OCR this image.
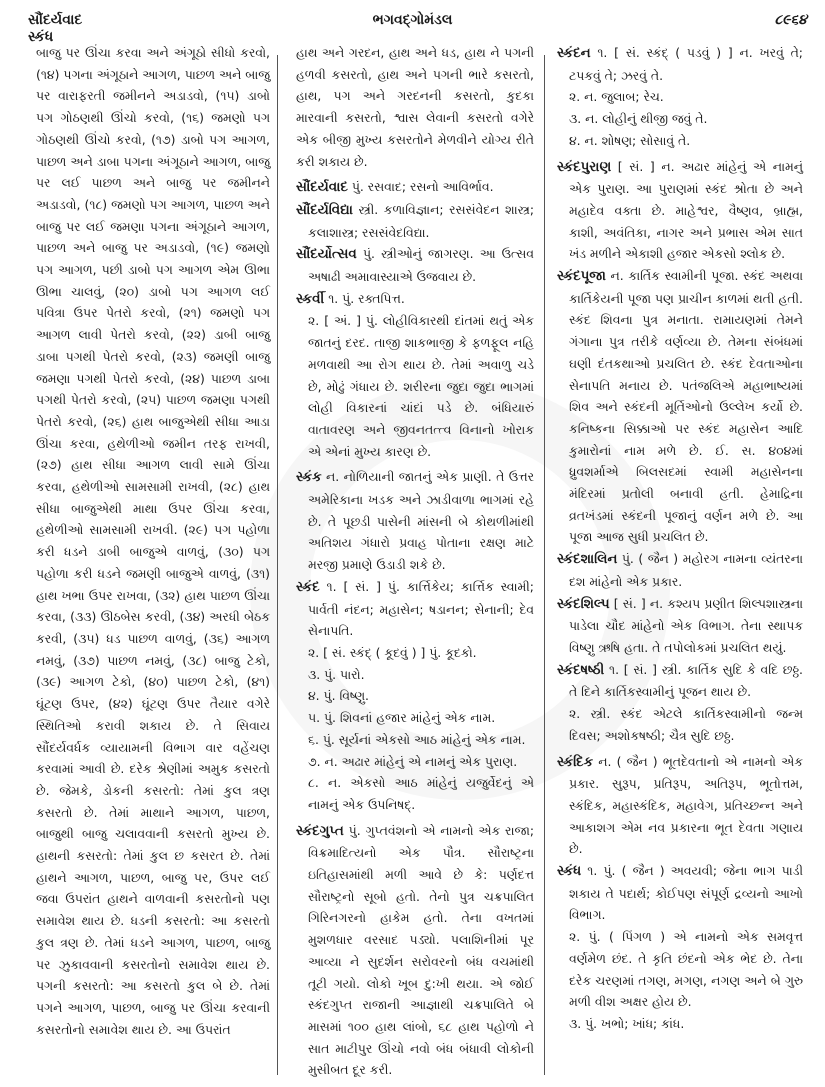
સૌંદર્યવાદ
સ્કંધ
ભગવદ્ગોમંડલ	૮૯૬૪

બાજુ પર ઊંચા કરવા અને અંગૂઠો સીધો કરવો, (૧૪) પગના અંગૂઠાને આગળ, પાછળ અને બાજુ પર વારાફરતી જમીનને અડાડવો, (૧૫) ડાબો પગ ગોઠણથી ઊંચો કરવો, (૧૬) જમણો પગ ગોઠણથી ઊંચો કરવો, (૧૭) ડાબો પગ આગળ, પાછળ અને ડાબા પગના અંગૂઠાને આગળ, બાજુ પર લઈ પાછળ અને બાજુ પર જમીનને અડાડવો, (૧૮) જમણો પગ આગળ, પાછળ અને બાજુ પર લઈ જમણા પગના અંગૂઠાને આગળ, પાછળ અને બાજુ પર અડાડવો, (૧૯) જમણો પગ આગળ, પછી ડાબો પગ આગળ એમ ઊભા ઊભા ચાલવું, (૨૦) ડાબો પગ આગળ લઈ પવિત્રા ઉપર પેતરો કરવો, (૨૧) જમણો પગ આગળ લાવી પેતરો કરવો, (૨૨) ડાબી બાજુ ડાબા પગથી પેતરો કરવો, (૨૩) જમણી બાજુ જમણા પગથી પેતરો કરવો, (૨૪) પાછળ ડાબા પગથી પેતરો કરવો, (૨૫) પાછળ જમણા પગથી પેતરો કરવો, (૨૬) હાથ બાજુએથી સીધા આડા ઊંચા કરવા, હથેળીઓ જમીન તરફ રાખવી, (૨૭) હાથ સીધા આગળ લાવી સામે ઊંચા કરવા, હથેળીઓ સામસામી રાખવી, (૨૮) હાથ સીધા બાજુએથી માથા ઉપર ઊંચા કરવા, હથેળીઓ સામસામી રાખવી. (૨૯) પગ પહોળા કરી ધડને ડાબી બાજુએ વાળવું, (૩૦) પગ પહોળા કરી ધડને જમણી બાજુએ વાળવું, (૩૧) હાથ ખભા ઉપર રાખવા, (૩૨) હાથ પાછળ ઊંચા કરવા, (૩૩) ઊઠબેસ કરવી, (૩૪) અરધી બેઠક કરવી, (૩૫) ધડ પાછળ વાળવું, (૩૬) આગળ નમવું, (૩૭) પાછળ નમવું, (૩૮) બાજુ ટેકો, (૩૯) આગળ ટેકો, (૪૦) પાછળ ટેકો, (૪૧) ઘૂંટણ ઉપર, (૪૨) ઘૂંટણ ઉપર તૈયાર વગેરે સ્થિતિઓ કરાવી શકાય છે. તે સિવાય સૌંદર્યવર્ધક વ્યાયામની વિભાગ વાર વહેંચણ કરવામાં આવી છે. દરેક શ્રેણીમાં અમુક કસરતો છે. જેમકે, ડોકની કસરતો: તેમાં કુલ ત્રણ કસરતો છે. તેમાં માથાને આગળ, પાછળ, બાજુથી બાજુ ચલાવવાની કસરતો મુખ્ય છે. હાથની કસરતો: તેમાં કુલ છ કસરત છે. તેમાં હાથને આગળ, પાછળ, બાજુ પર, ઉપર લઈ જવા ઉપરાંત હાથને વાળવાની કસરતોનો પણ સમાવેશ થાય છે. ધડની કસરતો: આ કસરતો કુલ ત્રણ છે. તેમાં ધડને આગળ, પાછળ, બાજુ પર ઝુકાવવાની કસરતોનો સમાવેશ થાય છે. પગની કસરતો: આ કસરતો કુલ બે છે. તેમાં પગને આગળ, પાછળ, બાજુ પર ઊંચા કરવાની કસરતોનો સમાવેશ થાય છે. આ ઉપરાંત

હાથ અને ગરદન, હાથ અને ધડ, હાથ ને પગની હળવી કસરતો, હાથ અને પગની ભારે કસરતો, હાથ, પગ અને ગરદનની કસરતો, કુદકા મારવાની કસરતો, શ્વાસ લેવાની કસરતો વગેરે એક બીજી મુખ્ય કસરતોને મેળવીને યોગ્ય રીતે કરી શકાય છે.

સૌંદર્યવાદ પું. રસવાદ; રસનો આવિર્ભાવ.

સૌંદર્યવિદ્યા સ્ત્રી. કળાવિજ્ઞાન; રસસંવેદન શાસ્ત્ર; કલાશાસ્ત્ર; રસસંવેદવિદ્યા.

સૌંદર્યોત્સવ પું. સ્ત્રીઓનું જાગરણ. આ ઉત્સવ અષાઢી અમાવાસ્યાએ ઉજવાય છે.

સ્કર્વી ૧. પું. રક્તપિત્ત.

૨. [ અં. ] પું. લોહીવિકારથી દાંતમાં થતું એક જાતનું દરદ. તાજી શાકભાજી કે ફળફૂલ નહિ મળવાથી આ રોગ થાય છે. તેમાં અવાળુ ચડે છે, મોઢું ગંધાય છે. શરીરના જુદા જુદા ભાગમાં લોહી વિકારનાં ચાંદાં પડે છે. બંધિયારું વાતાવરણ અને જીવનતત્ત્વ વિનાનો ખોરાક એ એનાં મુખ્ય કારણ છે.

સ્કંક ન. નોળિયાની જાતનું એક પ્રાણી. તે ઉત્તર અમેરિકાના ખડક અને ઝાડીવાળા ભાગમાં રહે છે. તે પૂછડી પાસેની માંસની બે કોથળીમાંથી અતિશય ગંધારો પ્રવાહ પોતાના રક્ષણ માટે મરજી પ્રમાણે ઉડાડી શકે છે.

સ્કંદ ૧. [ સં. ] પું. કાર્ત્તિકેય; કાર્ત્તિક સ્વામી; પાર્વતી નંદન; મહાસેન; ષડાનન; સેનાની; દેવ સેનાપતિ.

૨. [ સં. સ્કંદ્ ( કૂદવું ) ] પું. કૂદકો.

૩. પું. પારો.

૪. પું. વિષ્ણુ.

૫. પું. શિવનાં હજાર માંહેનું એક નામ.

૬. પું. સૂર્યનાં એકસો આઠ માંહેનું એક નામ.

૭. ન. અઢાર માંહેનું એ નામનું એક પુરાણ.

૮. ન. એકસો આઠ માંહેનું યજુર્વેદનું એ નામનું એક ઉપનિષદ્.

સ્કંદગુપ્ત પું. ગુપ્તવંશનો એ નામનો એક રાજા; વિક્રમાદિત્યનો એક પૌત્ર. સૌરાષ્ટ્રના ઇતિહાસમાંથી મળી આવે છે કે: પર્ણદત્ત સૌરાષ્ટ્રનો સૂબો હતો. તેનો પુત્ર ચક્રપાલિત ગિરિનગરનો હાકેમ હતો. તેના વખતમાં મુશળધાર વરસાદ પડ્યો. પલાશિનીમાં પૂર આવ્યા ને સુદર્શન સરોવરનો બંધ વચમાંથી તૂટી ગયો. લોકો ખૂબ દુ:ખી થયા. એ જોઈ સ્કંદગુપ્ત રાજાની આજ્ઞાથી ચક્રપાલિતે બે માસમાં ૧૦૦ હાથ લાંબો, ૬૮ હાથ પહોળો ને સાત માટીપુર ઊંચો નવો બંધ બંધાવી લોકોની મુસીબત દૂર કરી.

સ્કંદન ૧. [ સં. સ્કંદ્ ( પડવું ) ] ન. ખરવું તે; ટપકવું તે; ઝરવું તે.

૨. ન. જુલાબ; રેચ.

૩. ન. લોહીનું થીજી જવું તે.

૪. ન. શોષણ; સોસાવું તે.

સ્કંદપુરાણ [ સં. ] ન. અઢાર માંહેનું એ નામનું એક પુરાણ. આ પુરાણમાં સ્કંદ શ્રોતા છે અને મહાદેવ વક્તા છે. માહેશ્વર, વૈષ્ણવ, બ્રાહ્મ, કાશી, અવંતિકા, નાગર અને પ્રભાસ એમ સાત ખંડ મળીને એકાશી હજાર એકસો શ્લોક છે.

સ્કંદપૂજા ન. કાર્તિક સ્વામીની પૂજા. સ્કંદ અથવા કાર્તિકેયની પૂજા પણ પ્રાચીન કાળમાં થતી હતી. સ્કંદ શિવના પુત્ર મનાતા. રામાયણમાં તેમને ગંગાના પુત્ર તરીકે વર્ણવ્યા છે. તેમના સંબંધમાં ઘણી દંતકથાઓ પ્રચલિત છે. સ્કંદ દેવતાઓના સેનાપતિ મનાય છે. પતંજલિએ મહાભાષ્યમાં શિવ અને સ્કંદની મૂર્તિઓનો ઉલ્લેખ કર્યો છે. કનિષ્કના સિક્કાઓ પર સ્કંદ મહાસેન આદિ કુમારોનાં નામ મળે છે. ઈ. સ. ૪૦૪માં ધ્રુવશર્માએ બિલસદમાં સ્વામી મહાસેનના મંદિરમાં પ્રતોલી બનાવી હતી. હેમાદ્રિના વ્રતખંડમાં સ્કંદની પૂજાનું વર્ણન મળે છે. આ પૂજા આજ સુધી પ્રચલિત છે.

સ્કંદશાલિન પું. ( જૈન ) મહોરગ નામના વ્યંતરના દશ માંહેનો એક પ્રકાર.

સ્કંદશિલ્પ [ સં. ] ન. કશ્યપ પ્રણીત શિલ્પશાસ્ત્રના પાડેલા ચૌદ માંહેનો એક વિભાગ. તેના સ્થાપક વિષ્ણુ ઋષિ હતા. તે તપોલોકમાં પ્રચલિત થયું.

સ્કંદષષ્ઠી ૧. [ સં. ] સ્ત્રી. કાર્તિક સુદિ કે વદિ છઠ્ઠ. તે દિને કાર્તિકસ્વામીનું પૂજન થાય છે.

૨. સ્ત્રી. સ્કંદ એટલે કાર્તિકસ્વામીનો જન્મ દિવસ; અશોકષષ્ઠી; ચૈત્ર સુદિ છઠ્ઠ.

સ્કંદિક ન. ( જૈન ) ભૂતદેવતાનો એ નામનો એક પ્રકાર. સુરૂપ, પ્રતિરૂપ, અતિરૂપ, ભૂતોત્તમ, સ્કંદિક, મહાસ્કંદિક, મહાવેગ, પ્રતિચ્છન્ન અને આકાશગ એમ નવ પ્રકારના ભૂત દેવતા ગણાય છે.

સ્કંધ ૧. પું. ( જૈન ) અવયવી; જેના ભાગ પાડી શકાય તે પદાર્થ; કોઈપણ સંપૂર્ણ દ્રવ્યનો આખો વિભાગ.

૨. પું. ( પિંગળ ) એ નામનો એક સમવૃત્ત વર્ણમેળ છંદ. તે કૃતિ છંદનો એક ભેદ છે. તેના દરેક ચરણમાં તગણ, મગણ, નગણ અને બે ગુરુ મળી વીશ અક્ષર હોય છે.

૩. પું. ખભો; ખાંધ; કાંધ.
